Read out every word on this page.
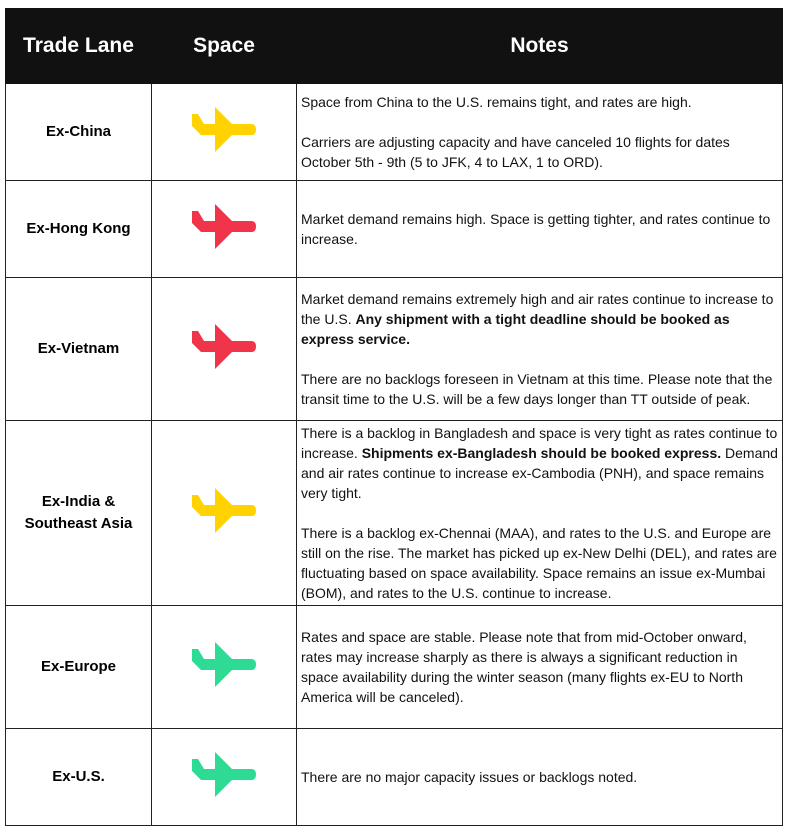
Trade Lane	Space	Notes
Ex-China		Space from China to the U.S. remains tight, and rates are high.

Carriers are adjusting capacity and have canceled 10 flights for dates October 5th - 9th (5 to JFK, 4 to LAX, 1 to ORD).

Ex-Hong Kong		Market demand remains high. Space is getting tighter, and rates continue to increase.

Ex-Vietnam		Market demand remains extremely high and air rates continue to increase to the U.S. Any shipment with a tight deadline should be booked as express service.

There are no backlogs foreseen in Vietnam at this time. Please note that the transit time to the U.S. will be a few days longer than TT outside of peak.

Ex-India & Southeast Asia		There is a backlog in Bangladesh and space is very tight as rates continue to increase. Shipments ex-Bangladesh should be booked express. Demand and air rates continue to increase ex-Cambodia (PNH), and space remains very tight.

There is a backlog ex-Chennai (MAA), and rates to the U.S. and Europe are still on the rise. The market has picked up ex-New Delhi (DEL), and rates are fluctuating based on space availability. Space remains an issue ex-Mumbai (BOM), and rates to the U.S. continue to increase.

Ex-Europe		Rates and space are stable. Please note that from mid-October onward, rates may increase sharply as there is always a significant reduction in space availability during the winter season (many flights ex-EU to North America will be canceled).

Ex-U.S.		There are no major capacity issues or backlogs noted.
